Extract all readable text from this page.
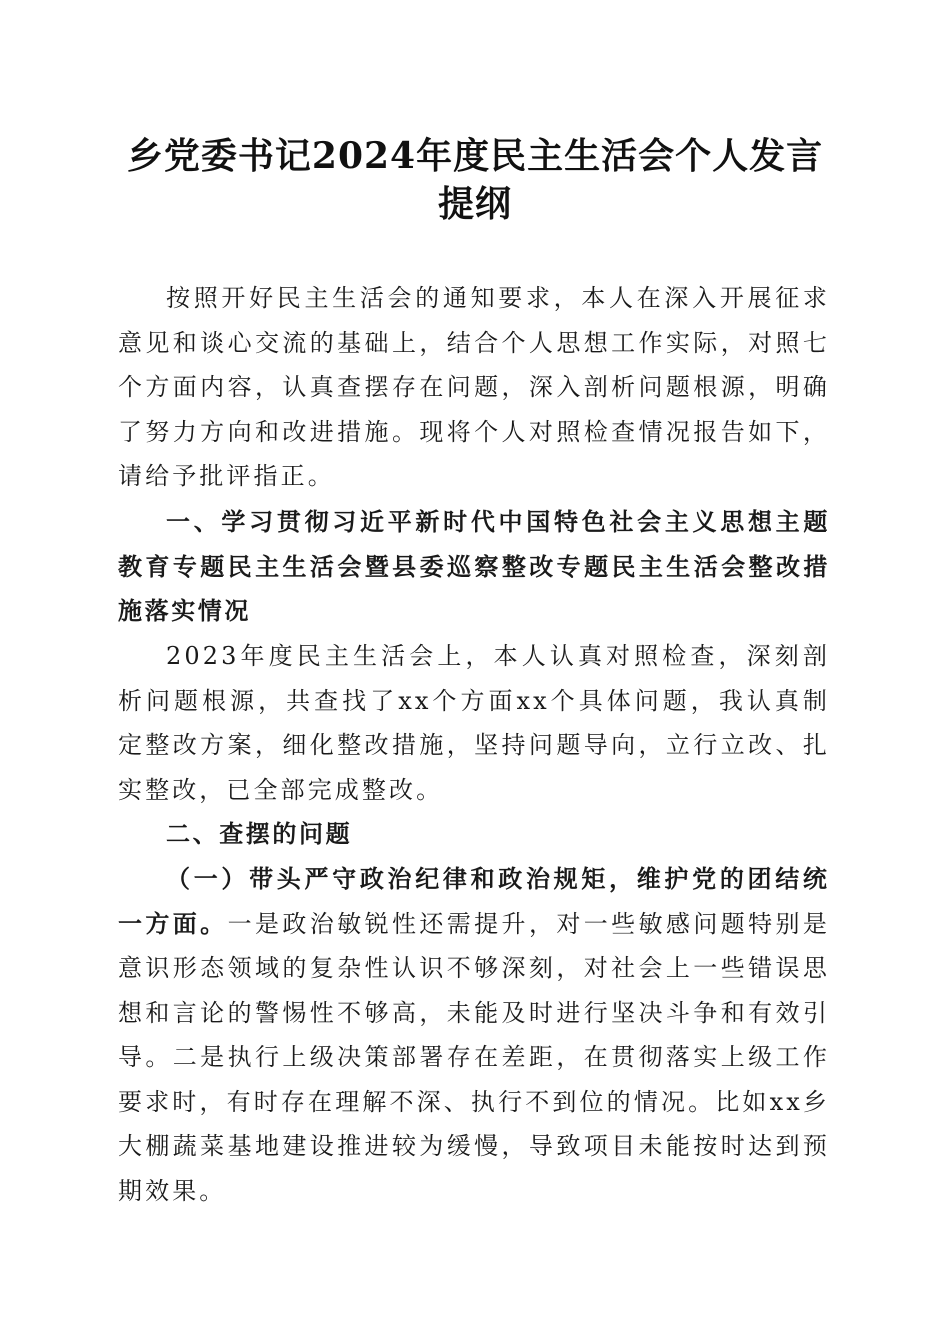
乡党委书记2024年度民主生活会个人发言提纲

按照开好民主生活会的通知要求，本人在深入开展征求意见和谈心交流的基础上，结合个人思想工作实际，对照七个方面内容，认真查摆存在问题，深入剖析问题根源，明确了努力方向和改进措施。现将个人对照检查情况报告如下，请给予批评指正。

一、学习贯彻习近平新时代中国特色社会主义思想主题教育专题民主生活会暨县委巡察整改专题民主生活会整改措施落实情况

2023年度民主生活会上，本人认真对照检查，深刻剖析问题根源，共查找了xx个方面xx个具体问题，我认真制定整改方案，细化整改措施，坚持问题导向，立行立改、扎实整改，已全部完成整改。

二、查摆的问题

（一）带头严守政治纪律和政治规矩，维护党的团结统一方面。一是政治敏锐性还需提升，对一些敏感问题特别是意识形态领域的复杂性认识不够深刻，对社会上一些错误思想和言论的警惕性不够高，未能及时进行坚决斗争和有效引导。二是执行上级决策部署存在差距，在贯彻落实上级工作要求时，有时存在理解不深、执行不到位的情况。比如xx乡大棚蔬菜基地建设推进较为缓慢，导致项目未能按时达到预期效果。
